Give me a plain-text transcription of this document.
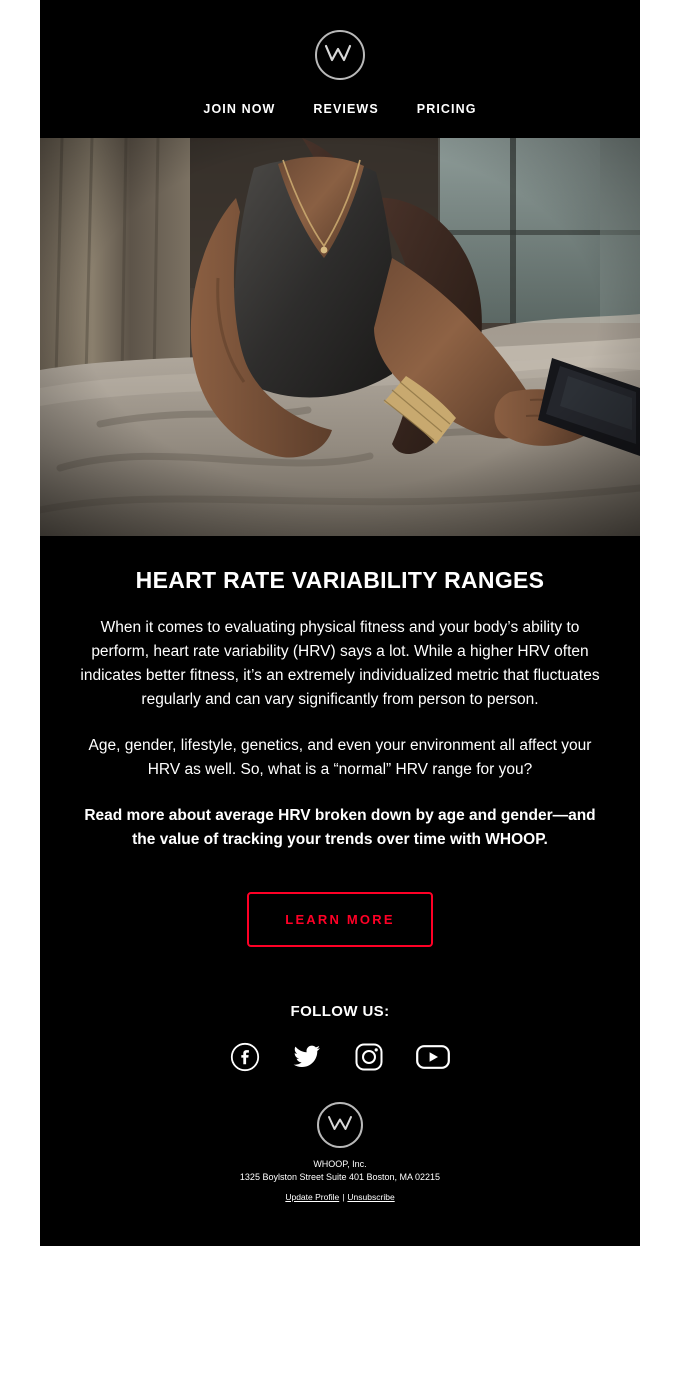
JOIN NOW	REVIEWS	PRICING
HEART RATE VARIABILITY RANGES

When it comes to evaluating physical fitness and your body’s ability to perform, heart rate variability (HRV) says a lot. While a higher HRV often indicates better fitness, it’s an extremely individualized metric that fluctuates regularly and can vary significantly from person to person.

Age, gender, lifestyle, genetics, and even your environment all affect your HRV as well. So, what is a “normal” HRV range for you?

Read more about average HRV broken down by age and gender—and the value of tracking your trends over time with WHOOP.

LEARN MORE
FOLLOW US:

WHOOP, Inc.

1325 Boylston Street Suite 401 Boston, MA 02215

Update Profile | Unsubscribe
